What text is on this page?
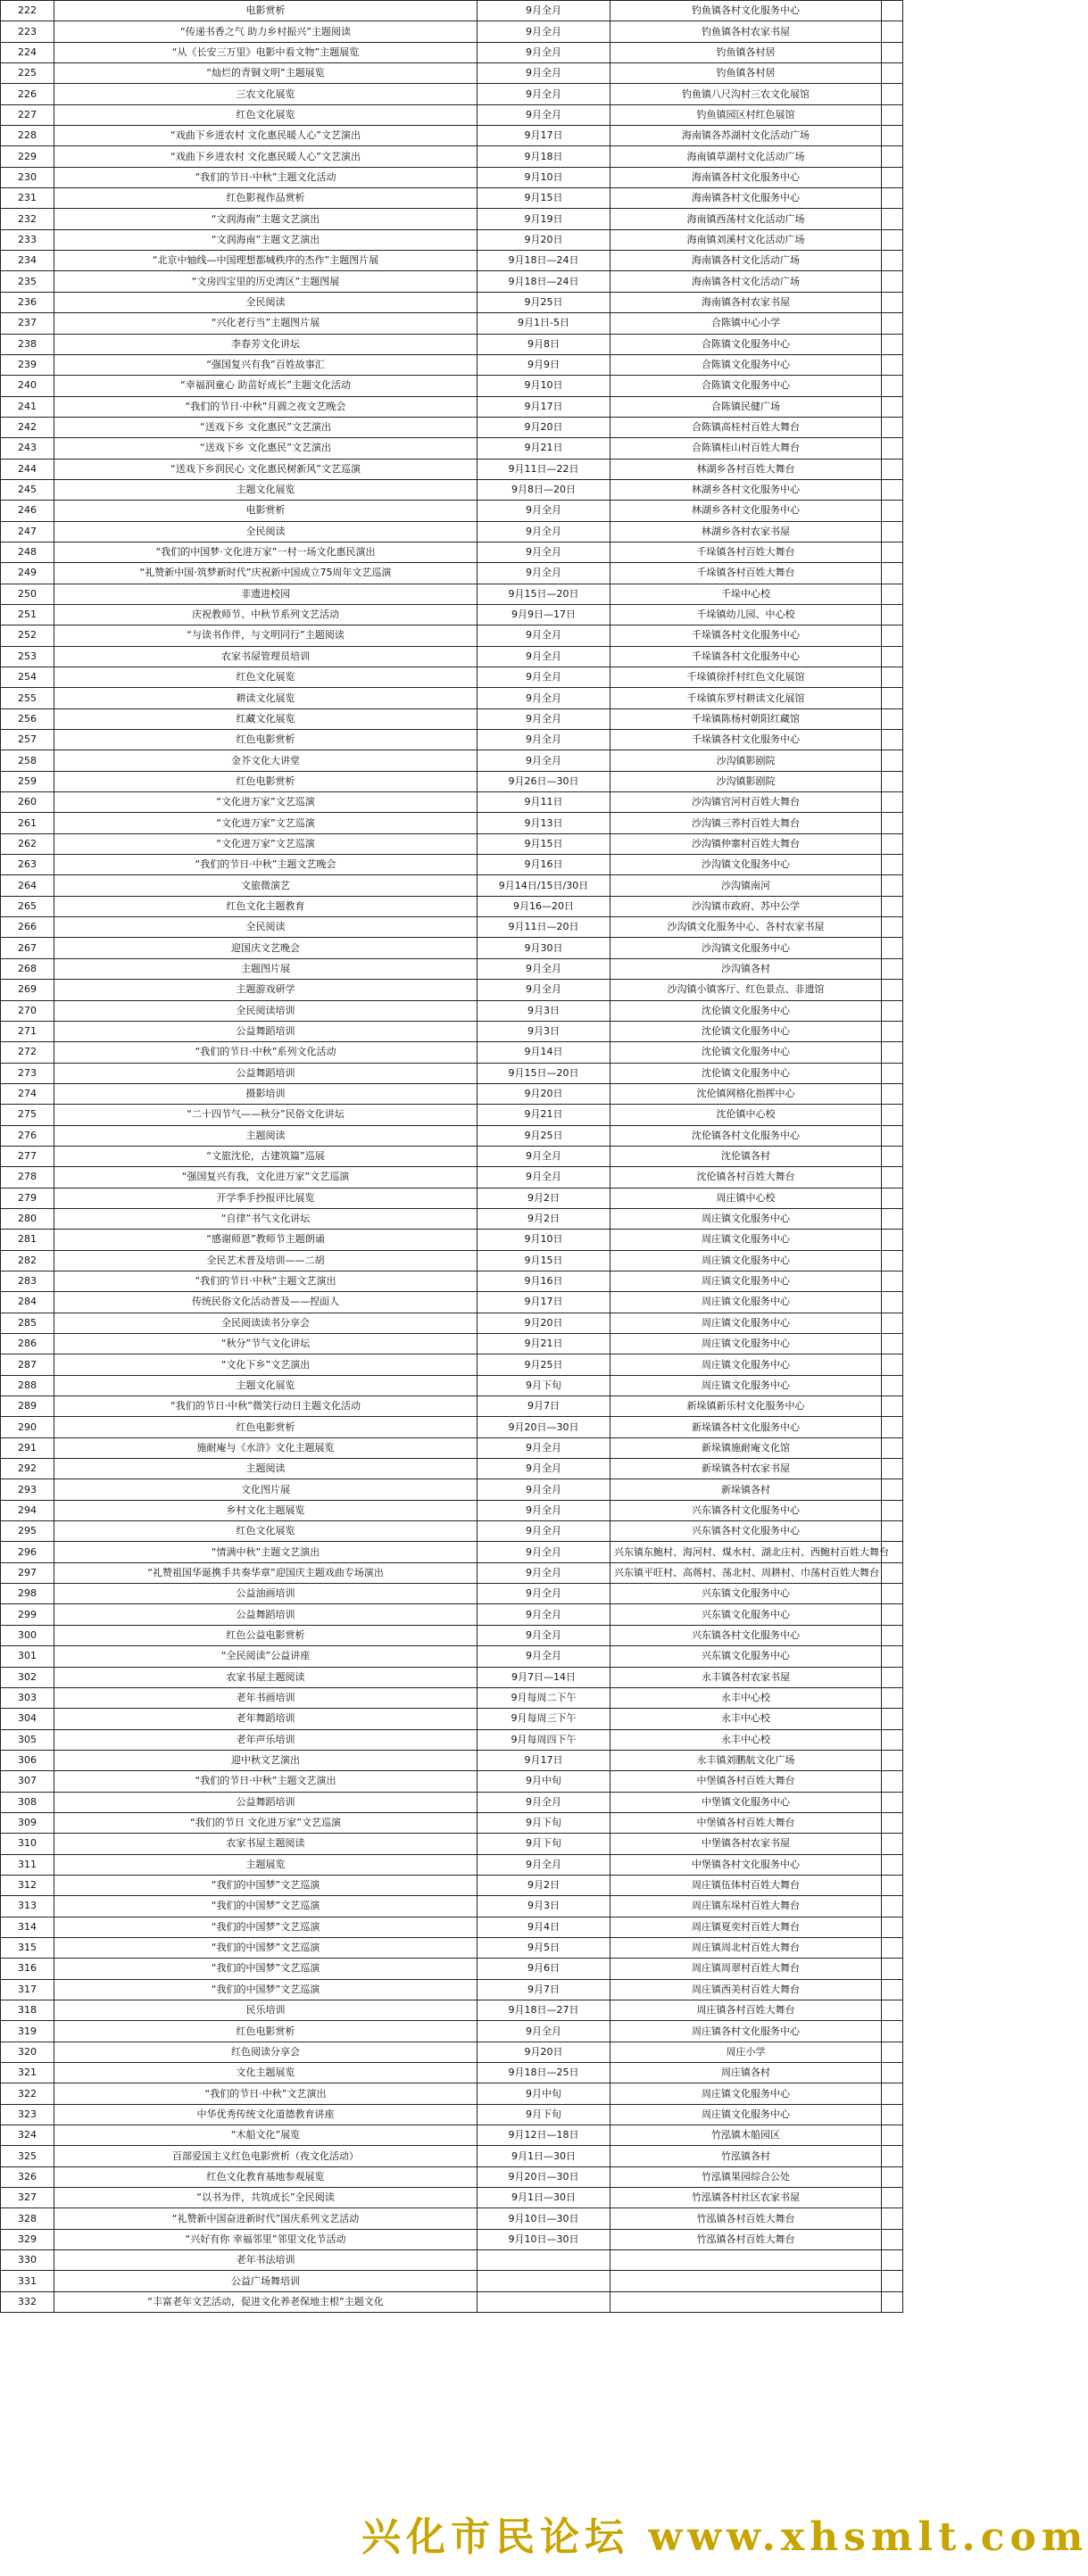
222	电影赏析	9月全月	钓鱼镇各村文化服务中心	
223	“传递书香之气 助力乡村振兴”主题阅读	9月全月	钓鱼镇各村农家书屋	
224	“从《长安三万里》电影中看文物”主题展览	9月全月	钓鱼镇各村居	
225	“灿烂的青铜文明”主题展览	9月全月	钓鱼镇各村居	
226	三农文化展览	9月全月	钓鱼镇八尺沟村三农文化展馆	
227	红色文化展览	9月全月	钓鱼镇园区村红色展馆	
228	“戏曲下乡进农村 文化惠民暖人心”文艺演出	9月17日	海南镇各苏湖村文化活动广场	
229	“戏曲下乡进农村 文化惠民暖人心”文艺演出	9月18日	海南镇草湖村文化活动广场	
230	“我们的节日·中秋”主题文化活动	9月10日	海南镇各村文化服务中心	
231	红色影视作品赏析	9月15日	海南镇各村文化服务中心	
232	“文润海南”主题文艺演出	9月19日	海南镇西荡村文化活动广场	
233	“文润海南”主题文艺演出	9月20日	海南镇刘溪村文化活动广场	
234	“北京中轴线—中国理想都城秩序的杰作”主题图片展	9月18日—24日	海南镇各村文化活动广场	
235	“文房四宝里的历史湾区”主题图展	9月18日—24日	海南镇各村文化活动广场	
236	全民阅读	9月25日	海南镇各村农家书屋	
237	“兴化老行当”主题图片展	9月1日-5日	合陈镇中心小学	
238	李春芳文化讲坛	9月8日	合陈镇文化服务中心	
239	“强国复兴有我”百姓故事汇	9月9日	合陈镇文化服务中心	
240	“幸福润童心 助苗好成长”主题文化活动	9月10日	合陈镇文化服务中心	
241	“我们的节日·中秋”月圆之夜文艺晚会	9月17日	合陈镇民健广场	
242	“送戏下乡 文化惠民”文艺演出	9月20日	合陈镇高桂村百姓大舞台	
243	“送戏下乡 文化惠民”文艺演出	9月21日	合陈镇桂山村百姓大舞台	
244	“送戏下乡润民心 文化惠民树新风”文艺巡演	9月11日—22日	林湖乡各村百姓大舞台	
245	主题文化展览	9月8日—20日	林湖乡各村文化服务中心	
246	电影赏析	9月全月	林湖乡各村文化服务中心	
247	全民阅读	9月全月	林湖乡各村农家书屋	
248	“我们的中国梦·文化进万家”一村一场文化惠民演出	9月全月	千垛镇各村百姓大舞台	
249	“礼赞新中国·筑梦新时代”庆祝新中国成立75周年文艺巡演	9月全月	千垛镇各村百姓大舞台	
250	非遗进校园	9月15日—20日	千垛中心校	
251	庆祝教师节、中秋节系列文艺活动	9月9日—17日	千垛镇幼儿园、中心校	
252	“与读书作伴，与文明同行”主题阅读	9月全月	千垛镇各村文化服务中心	
253	农家书屋管理员培训	9月全月	千垛镇各村文化服务中心	
254	红色文化展览	9月全月	千垛镇徐扦村红色文化展馆	
255	耕读文化展览	9月全月	千垛镇东罗村耕读文化展馆	
256	红藏文化展览	9月全月	千垛镇陈杨村朝阳红藏馆	
257	红色电影赏析	9月全月	千垛镇各村文化服务中心	
258	金芥文化大讲堂	9月全月	沙沟镇影剧院	
259	红色电影赏析	9月26日—30日	沙沟镇影剧院	
260	“文化进万家”文艺巡演	9月11日	沙沟镇官河村百姓大舞台	
261	“文化进万家”文艺巡演	9月13日	沙沟镇三荞村百姓大舞台	
262	“文化进万家”文艺巡演	9月15日	沙沟镇仲寨村百姓大舞台	
263	“我们的节日·中秋”主题文艺晚会	9月16日	沙沟镇文化服务中心	
264	文旅微演艺	9月14日/15日/30日	沙沟镇南河	
265	红色文化主题教育	9月16—20日	沙沟镇市政府、苏中公学	
266	全民阅读	9月11日—20日	沙沟镇文化服务中心、各村农家书屋	
267	迎国庆文艺晚会	9月30日	沙沟镇文化服务中心	
268	主题图片展	9月全月	沙沟镇各村	
269	主题游戏研学	9月全月	沙沟镇小镇客厅、红色景点、非遗馆	
270	全民阅读培训	9月3日	沈伦镇文化服务中心	
271	公益舞蹈培训	9月3日	沈伦镇文化服务中心	
272	“我们的节日·中秋”系列文化活动	9月14日	沈伦镇文化服务中心	
273	公益舞蹈培训	9月15日—20日	沈伦镇文化服务中心	
274	摄影培训	9月20日	沈伦镇网格化指挥中心	
275	“二十四节气——秋分”民俗文化讲坛	9月21日	沈伦镇中心校	
276	主题阅读	9月25日	沈伦镇各村文化服务中心	
277	“文旅沈伦，古建筑篇”巡展	9月全月	沈伦镇各村	
278	“强国复兴有我，文化进万家”文艺巡演	9月全月	沈伦镇各村百姓大舞台	
279	开学季手抄报评比展览	9月2日	周庄镇中心校	
280	“自律”书气文化讲坛	9月2日	周庄镇文化服务中心	
281	“感谢师恩”教师节主题朗诵	9月10日	周庄镇文化服务中心	
282	全民艺术普及培训——二胡	9月15日	周庄镇文化服务中心	
283	“我们的节日·中秋”主题文艺演出	9月16日	周庄镇文化服务中心	
284	传统民俗文化活动普及——捏面人	9月17日	周庄镇文化服务中心	
285	全民阅读读书分享会	9月20日	周庄镇文化服务中心	
286	“秋分”节气文化讲坛	9月21日	周庄镇文化服务中心	
287	“文化下乡”文艺演出	9月25日	周庄镇文化服务中心	
288	主题文化展览	9月下旬	周庄镇文化服务中心	
289	“我们的节日·中秋”微笑行动日主题文化活动	9月7日	新垛镇新乐村文化服务中心	
290	红色电影赏析	9月20日—30日	新垛镇各村文化服务中心	
291	施耐庵与《水浒》文化主题展览	9月全月	新垛镇施耐庵文化馆	
292	主题阅读	9月全月	新垛镇各村农家书屋	
293	文化图片展	9月全月	新垛镇各村	
294	乡村文化主题展览	9月全月	兴东镇各村文化服务中心	
295	红色文化展览	9月全月	兴东镇各村文化服务中心	
296	“情满中秋”主题文艺演出	9月全月	兴东镇东鲍村、海河村、煤水村、湖北庄村、西鲍村百姓大舞台	
297	“礼赞祖国华诞携手共奏华章”迎国庆主题戏曲专场演出	9月全月	兴东镇平旺村、高蒋村、荡北村、周耕村、巾荡村百姓大舞台	
298	公益油画培训	9月全月	兴东镇文化服务中心	
299	公益舞蹈培训	9月全月	兴东镇文化服务中心	
300	红色公益电影赏析	9月全月	兴东镇各村文化服务中心	
301	“全民阅读”公益讲座	9月全月	兴东镇文化服务中心	
302	农家书屋主题阅读	9月7日—14日	永丰镇各村农家书屋	
303	老年书画培训	9月每周二下午	永丰中心校	
304	老年舞蹈培训	9月每周三下午	永丰中心校	
305	老年声乐培训	9月每周四下午	永丰中心校	
306	迎中秋文艺演出	9月17日	永丰镇刘鹏航文化广场	
307	“我们的节日·中秋”主题文艺演出	9月中旬	中堡镇各村百姓大舞台	
308	公益舞蹈培训	9月全月	中堡镇文化服务中心	
309	“我们的节日 文化进万家”文艺巡演	9月下旬	中堡镇各村百姓大舞台	
310	农家书屋主题阅读	9月下旬	中堡镇各村农家书屋	
311	主题展览	9月全月	中堡镇各村文化服务中心	
312	“我们的中国梦”文艺巡演	9月2日	周庄镇伍体村百姓大舞台	
313	“我们的中国梦”文艺巡演	9月3日	周庄镇东垛村百姓大舞台	
314	“我们的中国梦”文艺巡演	9月4日	周庄镇夏奕村百姓大舞台	
315	“我们的中国梦”文艺巡演	9月5日	周庄镇周北村百姓大舞台	
316	“我们的中国梦”文艺巡演	9月6日	周庄镇周翠村百姓大舞台	
317	“我们的中国梦”文艺巡演	9月7日	周庄镇西美村百姓大舞台	
318	民乐培训	9月18日—27日	周庄镇各村百姓大舞台	
319	红色电影赏析	9月全月	周庄镇各村文化服务中心	
320	红色阅读分享会	9月20日	周庄小学	
321	文化主题展览	9月18日—25日	周庄镇各村	
322	“我们的节日·中秋”文艺演出	9月中旬	周庄镇文化服务中心	
323	中华优秀传统文化道德教育讲座	9月下旬	周庄镇文化服务中心	
324	“木船文化”展览	9月12日—18日	竹泓镇木船园区	
325	百部爱国主义红色电影赏析（夜文化活动）	9月1日—30日	竹泓镇各村	
326	红色文化教育基地参观展览	9月20日—30日	竹泓镇果园综合公处	
327	“以书为伴，共筑成长”全民阅读	9月1日—30日	竹泓镇各村社区农家书屋	
328	“礼赞新中国奋进新时代”国庆系列文艺活动	9月10日—30日	竹泓镇各村百姓大舞台	
329	“兴好有你 幸福邻里”邻里文化节活动	9月10日—30日	竹泓镇各村百姓大舞台	
330	老年书法培训			
331	公益广场舞培训			
332	“丰富老年文艺活动，促进文化养老保地主根”主题文化			
兴化市民论坛 www.xhsmlt.com
